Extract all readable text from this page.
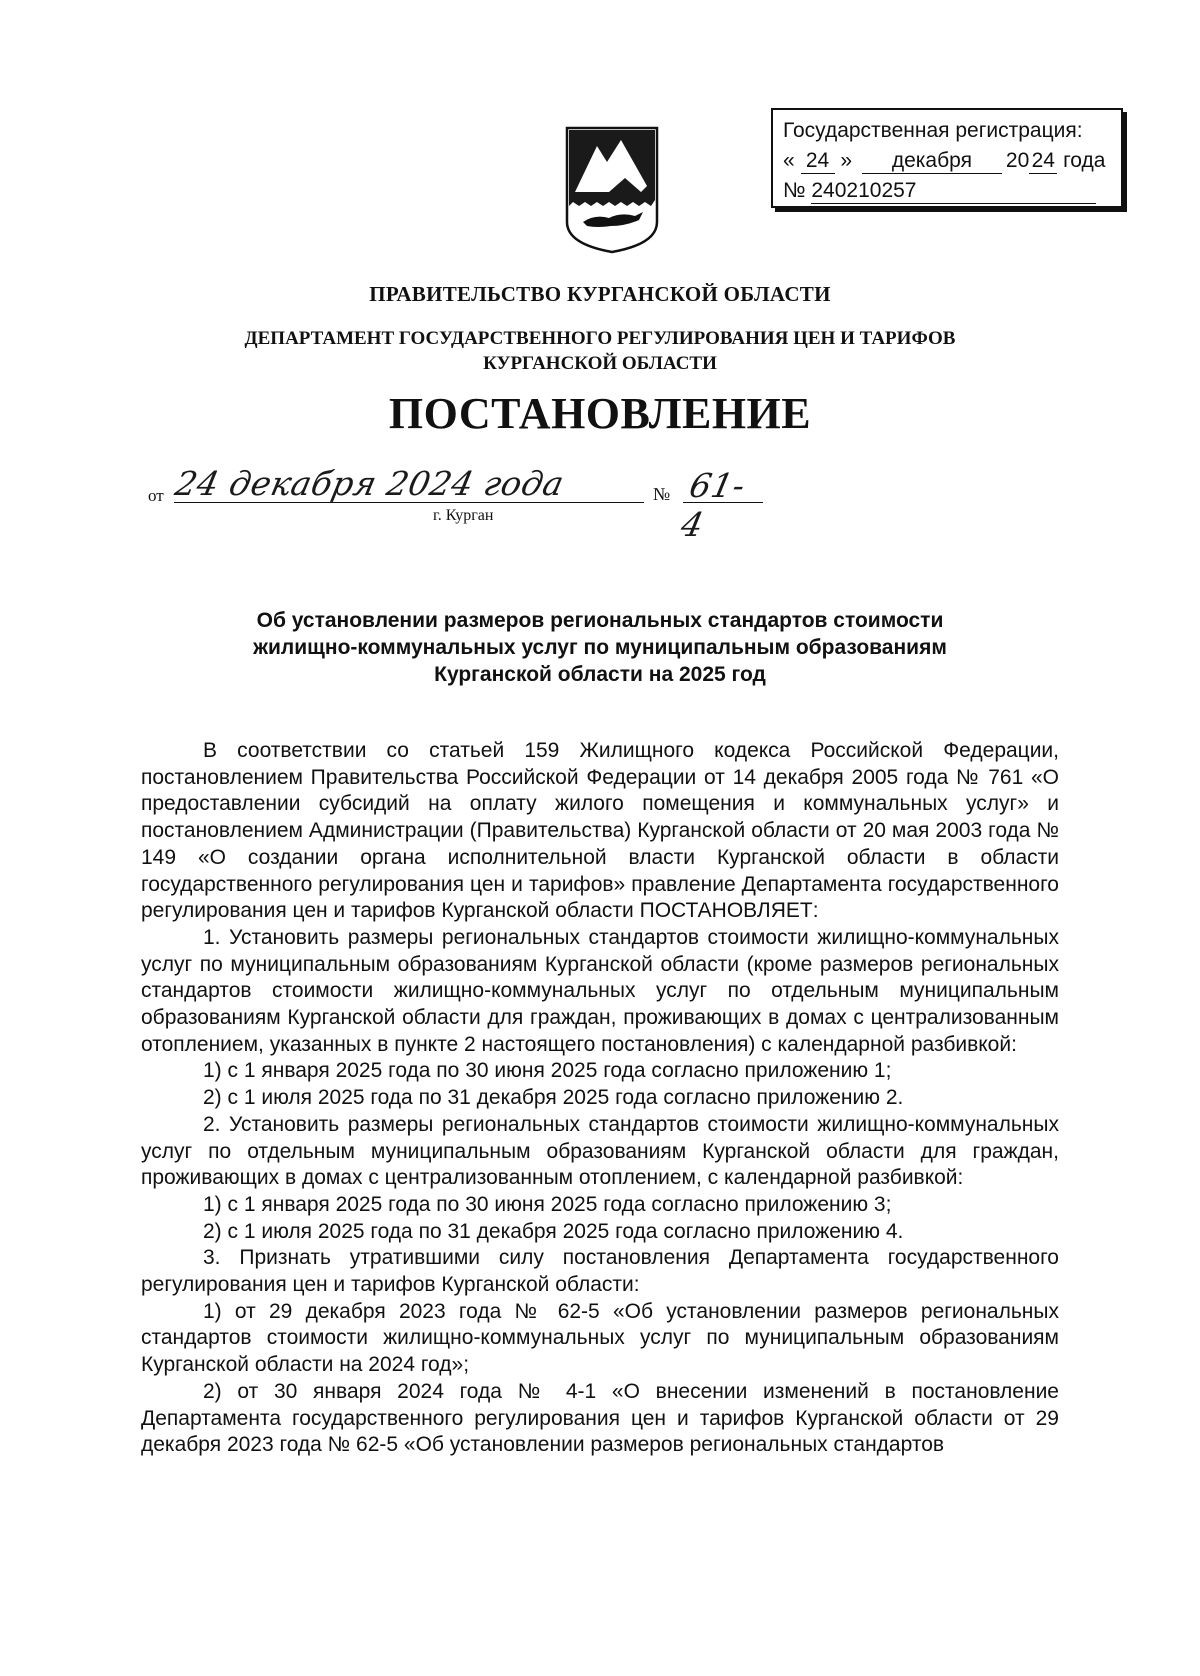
Государственная регистрация:
« 24 » декабря 20 24 года
№ 240210257
ПРАВИТЕЛЬСТВО КУРГАНСКОЙ ОБЛАСТИ
ДЕПАРТАМЕНТ ГОСУДАРСТВЕННОГО РЕГУЛИРОВАНИЯ ЦЕН И ТАРИФОВ
КУРГАНСКОЙ ОБЛАСТИ
ПОСТАНОВЛЕНИЕ
от 24 декабря 2024 года	№ 61-4
г. Курган
Об установлении размеров региональных стандартов стоимости
жилищно-коммунальных услуг по муниципальным образованиям
Курганской области на 2025 год

В соответствии со статьей 159 Жилищного кодекса Российской Федерации, постановлением Правительства Российской Федерации от 14 декабря 2005 года № 761 «О предоставлении субсидий на оплату жилого помещения и коммунальных услуг» и постановлением Администрации (Правительства) Курганской области от 20 мая 2003 года № 149 «О создании органа исполнительной власти Курганской области в области государственного регулирования цен и тарифов» правление Департамента государственного регулирования цен и тарифов Курганской области ПОСТАНОВЛЯЕТ:

1. Установить размеры региональных стандартов стоимости жилищно-коммунальных услуг по муниципальным образованиям Курганской области (кроме размеров региональных стандартов стоимости жилищно-коммунальных услуг по отдельным муниципальным образованиям Курганской области для граждан, проживающих в домах с централизованным отоплением, указанных в пункте 2 настоящего постановления) с календарной разбивкой:

1) с 1 января 2025 года по 30 июня 2025 года согласно приложению 1;

2) с 1 июля 2025 года по 31 декабря 2025 года согласно приложению 2.

2. Установить размеры региональных стандартов стоимости жилищно-коммунальных услуг по отдельным муниципальным образованиям Курганской области для граждан, проживающих в домах с централизованным отоплением, с календарной разбивкой:

1) с 1 января 2025 года по 30 июня 2025 года согласно приложению 3;

2) с 1 июля 2025 года по 31 декабря 2025 года согласно приложению 4.

3. Признать утратившими силу постановления Департамента государственного регулирования цен и тарифов Курганской области:

1) от 29 декабря 2023 года № 62-5 «Об установлении размеров региональных стандартов стоимости жилищно-коммунальных услуг по муниципальным образованиям Курганской области на 2024 год»;

2) от 30 января 2024 года № 4-1 «О внесении изменений в постановление Департамента государственного регулирования цен и тарифов Курганской области от 29 декабря 2023 года № 62-5 «Об установлении размеров региональных стандартов
